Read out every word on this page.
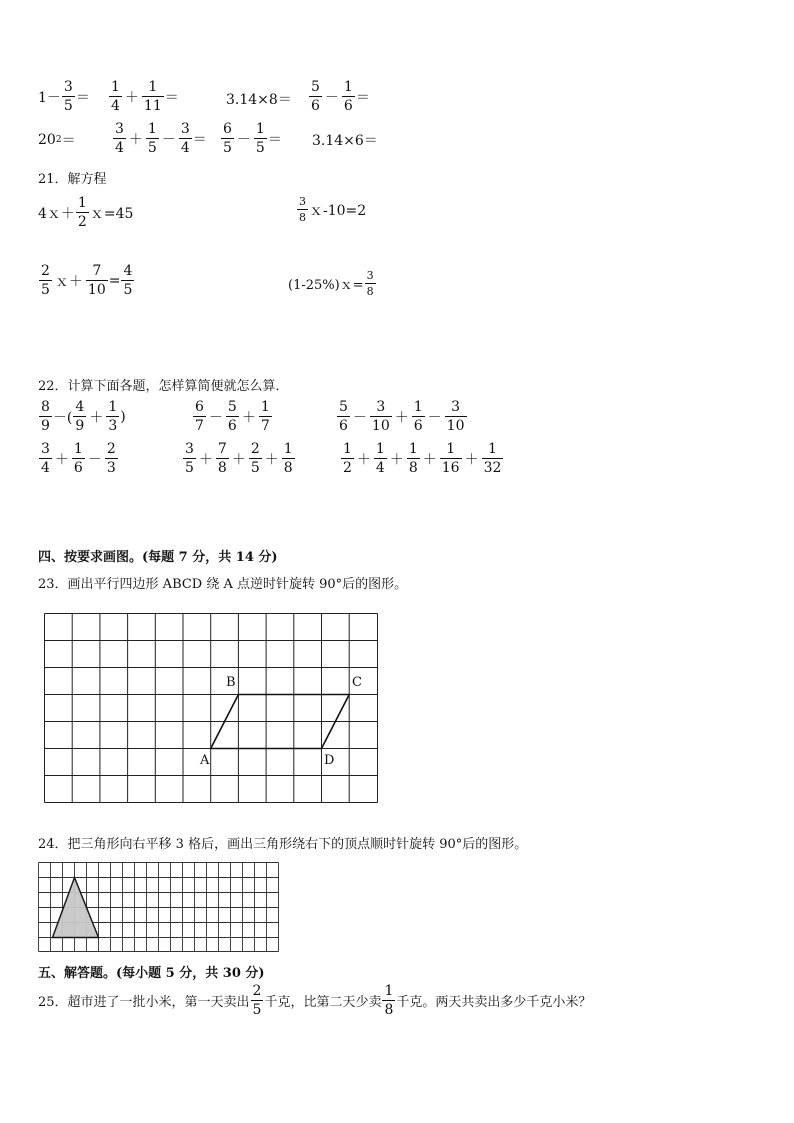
1－
3
5
＝
1
4
＋
1
11
＝	3.14×8＝
5
6
－
1
6
＝
20 2 ＝
3
4
＋
1
5
－
3
4
＝
6
5
－
1
5
＝ 3.14×6＝
21．解方程
4ｘ＋
1
2
ｘ=45
3
8 ｘ-10=2
2
5
ｘ＋ $\frac{7}{10} = \frac{4}{5}$	(1-25%)ｘ= $\frac{3}{8}$
22．计算下面各题，怎样算简便就怎么算．
8
9
－(
4
9
＋
1
3
)
6
7
－
5
6
＋
1
7
5
6
－
3
10
＋
1
6
－
3
10
3
4
＋
1
6
－
2
3
3
5
＋
7
8
＋
2
5
＋
1
8
1
2
＋
1
4
＋
1
8
＋
1
16
＋
1
32
四、按要求画图。(每题 7 分，共 14 分)
23．画出平行四边形 ABCD 绕 A 点逆时针旋转 90°后的图形。
B	C
A	D
24．把三角形向右平移 3 格后，画出三角形绕右下的顶点顺时针旋转 90°后的图形。
五、解答题。(每小题 5 分，共 30 分)
25．超市进了一批小米，第一天卖出
2
5 千克，比第二天少卖
1
8 千克。两天共卖出多少千克小米？
